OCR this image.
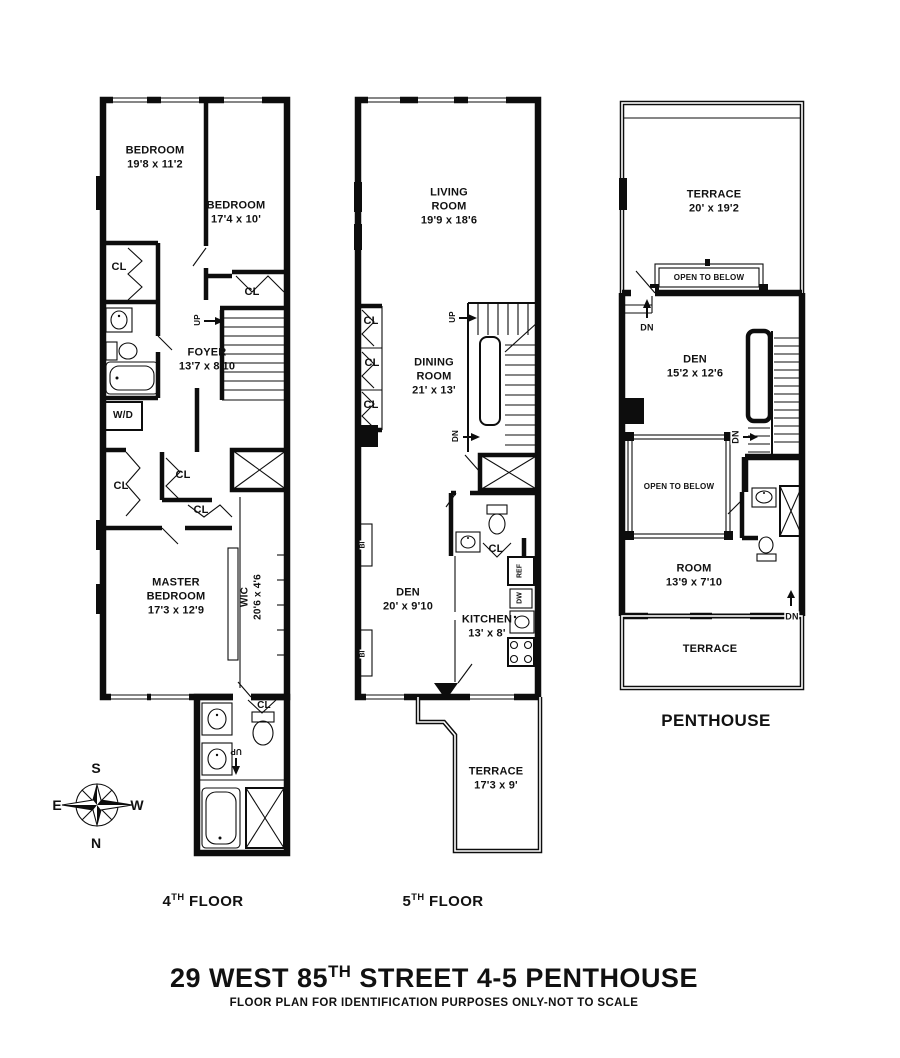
BEDROOM
19'8 x 11'2
BEDROOM
17'4 x 10'
CL
CL
UP
FOYER
13'7 x 8'10
W/D
CL
CL
CL
MASTER BEDROOM
17'3 x 12'9
WIC 20'6 x 4'6
CL
UP
LIVING ROOM
19'9 x 18'6
CL	UP
CL
CL
DINING ROOM
21' x 13'
DN
BI	CL
DEN
20' x 9'10
KITCHEN
13' x 8'
REF
DW
BI
TERRACE
17'3 x 9'
TERRACE
20' x 19'2
OPEN TO BELOW
DN
DEN
15'2 x 12'6
DN
OPEN TO BELOW
ROOM
13'9 x 7'10
DN
TERRACE
PENTHOUSE
S
E	W
N
4TH FLOOR	5TH FLOOR
29 WEST 85TH STREET 4-5 PENTHOUSE
FLOOR PLAN FOR IDENTIFICATION PURPOSES ONLY-NOT TO SCALE
